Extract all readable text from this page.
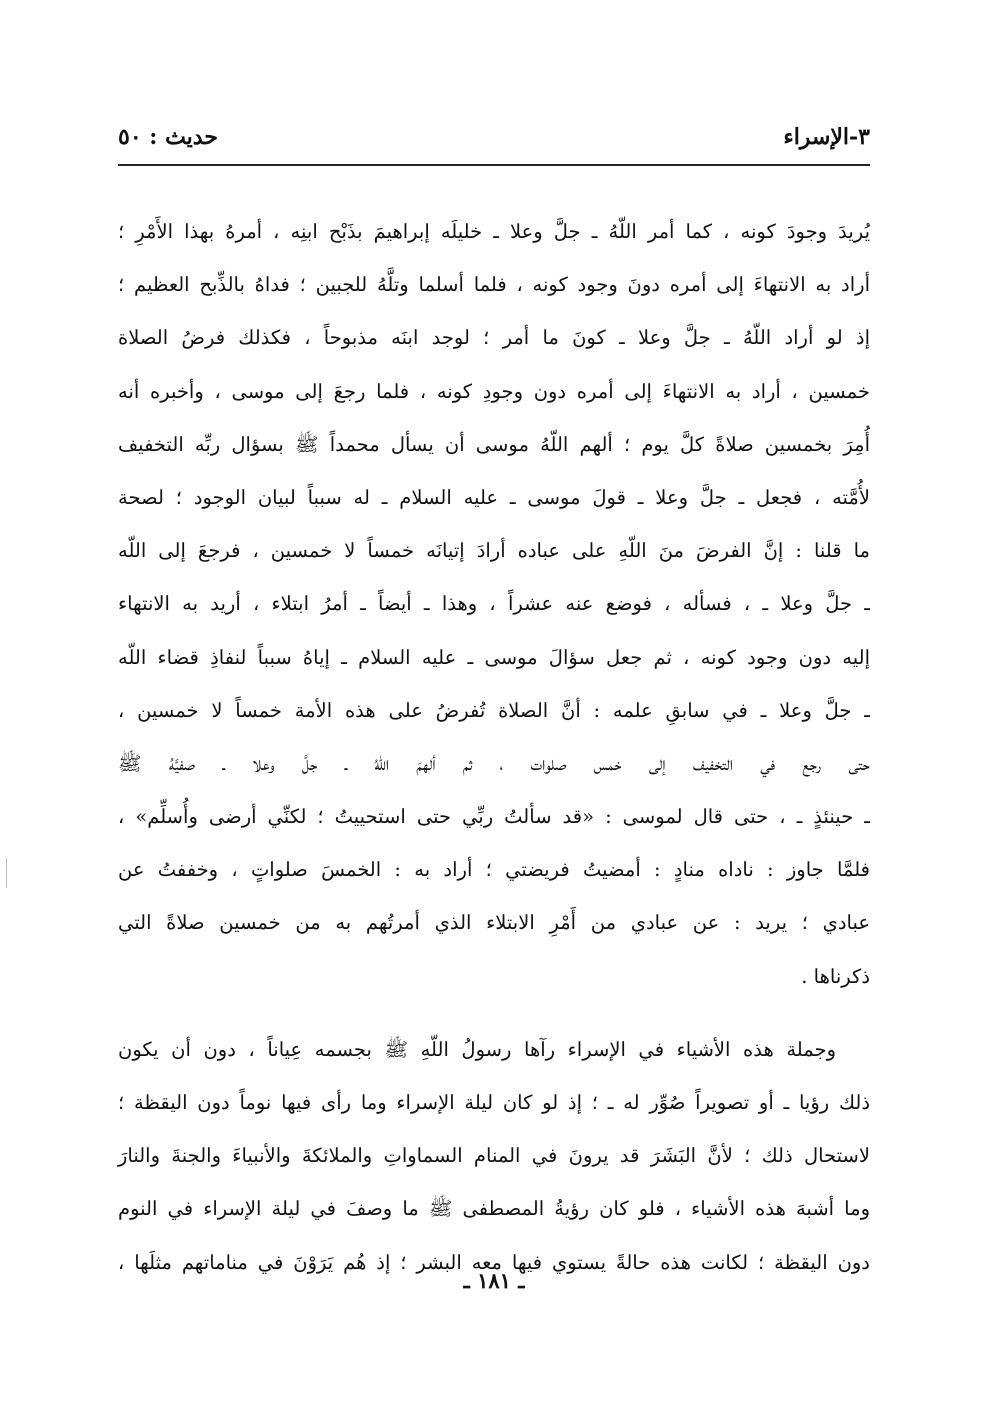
٣-الإسراء
حديث : ٥٠
يُريدَ وجودَ كونه ، كما أمر اللّهُ ـ جلَّ وعلا ـ خليلَه إبراهيمَ بذَبْح ابنِه ، أمرهُ بهذا الأَمْرِ ؛
أراد به الانتهاءَ إلى أمره دونَ وجود كونه ، فلما أسلما وتلَّهُ للجبين ؛ فداهُ بالذِّبح العظيم ؛
إذ لو أراد اللّهُ ـ جلَّ وعلا ـ كونَ ما أمر ؛ لوجد ابنَه مذبوحاً ، فكذلك فرضُ الصلاة
خمسين ، أراد به الانتهاءَ إلى أمره دون وجودِ كونه ، فلما رجعَ إلى موسى ، وأخبره أنه
أُمِرَ بخمسين صلاةً كلَّ يوم ؛ ألهم اللّهُ موسى أن يسأل محمداً ﷺ بسؤال ربِّه التخفيف
لأُمَّته ، فجعل ـ جلَّ وعلا ـ قولَ موسى ـ عليه السلام ـ له سبباً لبيان الوجود ؛ لصحة
ما قلنا : إنَّ الفرضَ منَ اللّهِ على عباده أرادَ إتيانَه خمساً لا خمسين ، فرجعَ إلى اللّه
ـ جلَّ وعلا ـ ، فسأله ، فوضع عنه عشراً ، وهذا ـ أيضاً ـ أمرُ ابتلاء ، أريد به الانتهاء
إليه دون وجود كونه ، ثم جعل سؤالَ موسى ـ عليه السلام ـ إياهُ سبباً لنفاذِ قضاء اللّه
ـ جلَّ وعلا ـ في سابقِ علمه : أنَّ الصلاة تُفرضُ على هذه الأمة خمساً لا خمسين ،
حتى رجع في التخفيف إلى خمس صلوات ، ثم ألهمَ اللّهُ ـ جلَّ وعلا ـ صفيَّهُ ﷺ
ـ حينئذٍ ـ ، حتى قال لموسى : «قد سألتُ ربِّي حتى استحييتُ ؛ لكنِّي أرضى وأُسلِّم» ،
فلمَّا جاوز : ناداه منادٍ : أمضيتُ فريضتي ؛ أراد به : الخمسَ صلواتٍ ، وخففتُ عن
عبادي ؛ يريد : عن عبادي من أَمْرِ الابتلاء الذي أمرتُهم به من خمسين صلاةً التي
ذكرناها .
وجملة هذه الأشياء في الإسراء رآها رسولُ اللّهِ ﷺ بجسمه عِياناً ، دون أن يكون
ذلك رؤيا ـ أو تصويراً صُوِّر له ـ ؛ إذ لو كان ليلة الإسراء وما رأى فيها نوماً دون اليقظة ؛
لاستحال ذلك ؛ لأنَّ البَشَرَ قد يرونَ في المنام السماواتِ والملائكةَ والأنبياءَ والجنةَ والنارَ
وما أشبهَ هذه الأشياء ، فلو كان رؤيةُ المصطفى ﷺ ما وصفَ في ليلة الإسراء في النوم
دون اليقظة ؛ لكانت هذه حالةً يستوي فيها معه البشر ؛ إذ هُم يَرَوْنَ في مناماتهم مثلَها ،
ـ ١٨١ ـ
